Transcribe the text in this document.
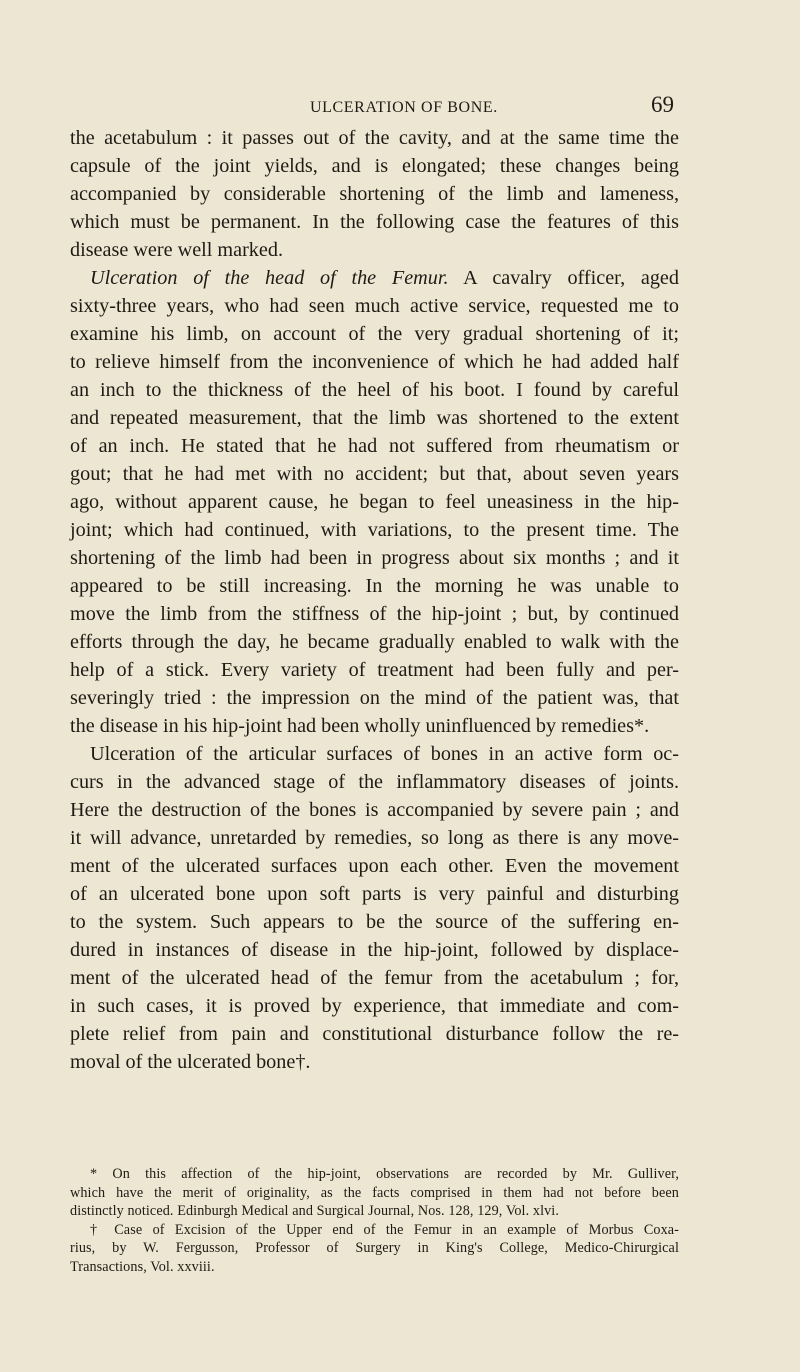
ULCERATION OF BONE.	69
the acetabulum : it passes out of the cavity, and at the same time the
capsule of the joint yields, and is elongated; these changes being
accompanied by considerable shortening of the limb and lameness,
which must be permanent. In the following case the features of this
disease were well marked.
Ulceration of the head of the Femur. A cavalry officer, aged
sixty-three years, who had seen much active service, requested me to
examine his limb, on account of the very gradual shortening of it;
to relieve himself from the inconvenience of which he had added half
an inch to the thickness of the heel of his boot. I found by careful
and repeated measurement, that the limb was shortened to the extent
of an inch. He stated that he had not suffered from rheumatism or
gout; that he had met with no accident; but that, about seven years
ago, without apparent cause, he began to feel uneasiness in the hip-
joint; which had continued, with variations, to the present time. The
shortening of the limb had been in progress about six months ; and it
appeared to be still increasing. In the morning he was unable to
move the limb from the stiffness of the hip-joint ; but, by continued
efforts through the day, he became gradually enabled to walk with the
help of a stick. Every variety of treatment had been fully and per-
severingly tried : the impression on the mind of the patient was, that
the disease in his hip-joint had been wholly uninfluenced by remedies*.
Ulceration of the articular surfaces of bones in an active form oc-
curs in the advanced stage of the inflammatory diseases of joints.
Here the destruction of the bones is accompanied by severe pain ; and
it will advance, unretarded by remedies, so long as there is any move-
ment of the ulcerated surfaces upon each other. Even the movement
of an ulcerated bone upon soft parts is very painful and disturbing
to the system. Such appears to be the source of the suffering en-
dured in instances of disease in the hip-joint, followed by displace-
ment of the ulcerated head of the femur from the acetabulum ; for,
in such cases, it is proved by experience, that immediate and com-
plete relief from pain and constitutional disturbance follow the re-
moval of the ulcerated bone†.
* On this affection of the hip-joint, observations are recorded by Mr. Gulliver,
which have the merit of originality, as the facts comprised in them had not before been
distinctly noticed. Edinburgh Medical and Surgical Journal, Nos. 128, 129, Vol. xlvi.
† Case of Excision of the Upper end of the Femur in an example of Morbus Coxa-
rius, by W. Fergusson, Professor of Surgery in King's College, Medico-Chirurgical
Transactions, Vol. xxviii.
